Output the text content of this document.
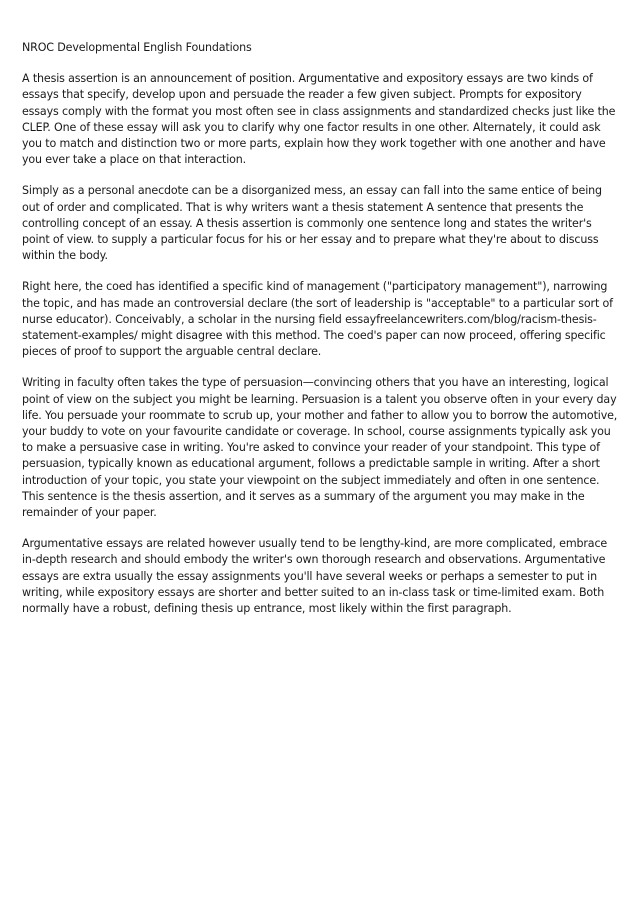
NROC Developmental English Foundations

A thesis assertion is an announcement of position. Argumentative and expository essays are two kinds of essays that specify, develop upon and persuade the reader a few given subject. Prompts for expository essays comply with the format you most often see in class assignments and standardized checks just like the CLEP. One of these essay will ask you to clarify why one factor results in one other. Alternately, it could ask you to match and distinction two or more parts, explain how they work together with one another and have you ever take a place on that interaction.

Simply as a personal anecdote can be a disorganized mess, an essay can fall into the same entice of being out of order and complicated. That is why writers want a thesis statement A sentence that presents the controlling concept of an essay. A thesis assertion is commonly one sentence long and states the writer's point of view. to supply a particular focus for his or her essay and to prepare what they're about to discuss within the body.

Right here, the coed has identified a specific kind of management ("participatory management"), narrowing the topic, and has made an controversial declare (the sort of leadership is "acceptable" to a particular sort of nurse educator). Conceivably, a scholar in the nursing field essayfreelancewriters.com/blog/racism-thesis-statement-examples/ might disagree with this method. The coed's paper can now proceed, offering specific pieces of proof to support the arguable central declare.

Writing in faculty often takes the type of persuasion—convincing others that you have an interesting, logical point of view on the subject you might be learning. Persuasion is a talent you observe often in your every day life. You persuade your roommate to scrub up, your mother and father to allow you to borrow the automotive, your buddy to vote on your favourite candidate or coverage. In school, course assignments typically ask you to make a persuasive case in writing. You're asked to convince your reader of your standpoint. This type of persuasion, typically known as educational argument, follows a predictable sample in writing. After a short introduction of your topic, you state your viewpoint on the subject immediately and often in one sentence. This sentence is the thesis assertion, and it serves as a summary of the argument you may make in the remainder of your paper.

Argumentative essays are related however usually tend to be lengthy-kind, are more complicated, embrace in-depth research and should embody the writer's own thorough research and observations. Argumentative essays are extra usually the essay assignments you'll have several weeks or perhaps a semester to put in writing, while expository essays are shorter and better suited to an in-class task or time-limited exam. Both normally have a robust, defining thesis up entrance, most likely within the first paragraph.
